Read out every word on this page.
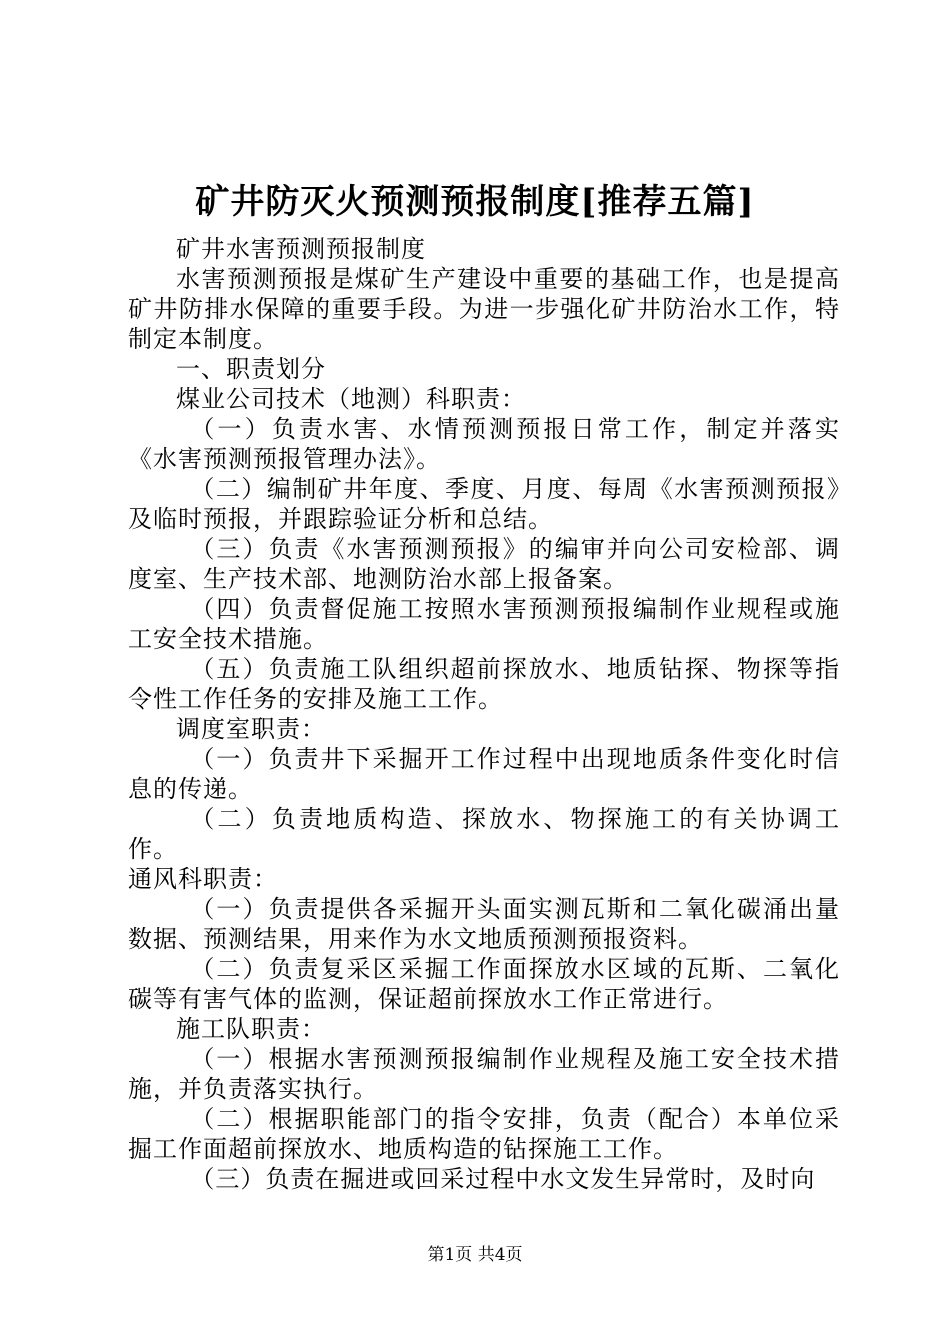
矿井防灭火预测预报制度[推荐五篇]

矿井水害预测预报制度

水害预测预报是煤矿生产建设中重要的基础工作，也是提高矿井防排水保障的重要手段。为进一步强化矿井防治水工作，特制定本制度。

一、职责划分

煤业公司技术（地测）科职责：

（一）负责水害、水情预测预报日常工作，制定并落实《水害预测预报管理办法》。

（二）编制矿井年度、季度、月度、每周《水害预测预报》及临时预报，并跟踪验证分析和总结。

（三）负责《水害预测预报》的编审并向公司安检部、调度室、生产技术部、地测防治水部上报备案。

（四）负责督促施工按照水害预测预报编制作业规程或施工安全技术措施。

（五）负责施工队组织超前探放水、地质钻探、物探等指令性工作任务的安排及施工工作。

调度室职责：

（一）负责井下采掘开工作过程中出现地质条件变化时信息的传递。

（二）负责地质构造、探放水、物探施工的有关协调工作。

通风科职责：

（一）负责提供各采掘开头面实测瓦斯和二氧化碳涌出量数据、预测结果，用来作为水文地质预测预报资料。

（二）负责复采区采掘工作面探放水区域的瓦斯、二氧化碳等有害气体的监测，保证超前探放水工作正常进行。

施工队职责：

（一）根据水害预测预报编制作业规程及施工安全技术措施，并负责落实执行。

（二）根据职能部门的指令安排，负责（配合）本单位采掘工作面超前探放水、地质构造的钻探施工工作。

（三）负责在掘进或回采过程中水文发生异常时，及时向

第1页 共4页
